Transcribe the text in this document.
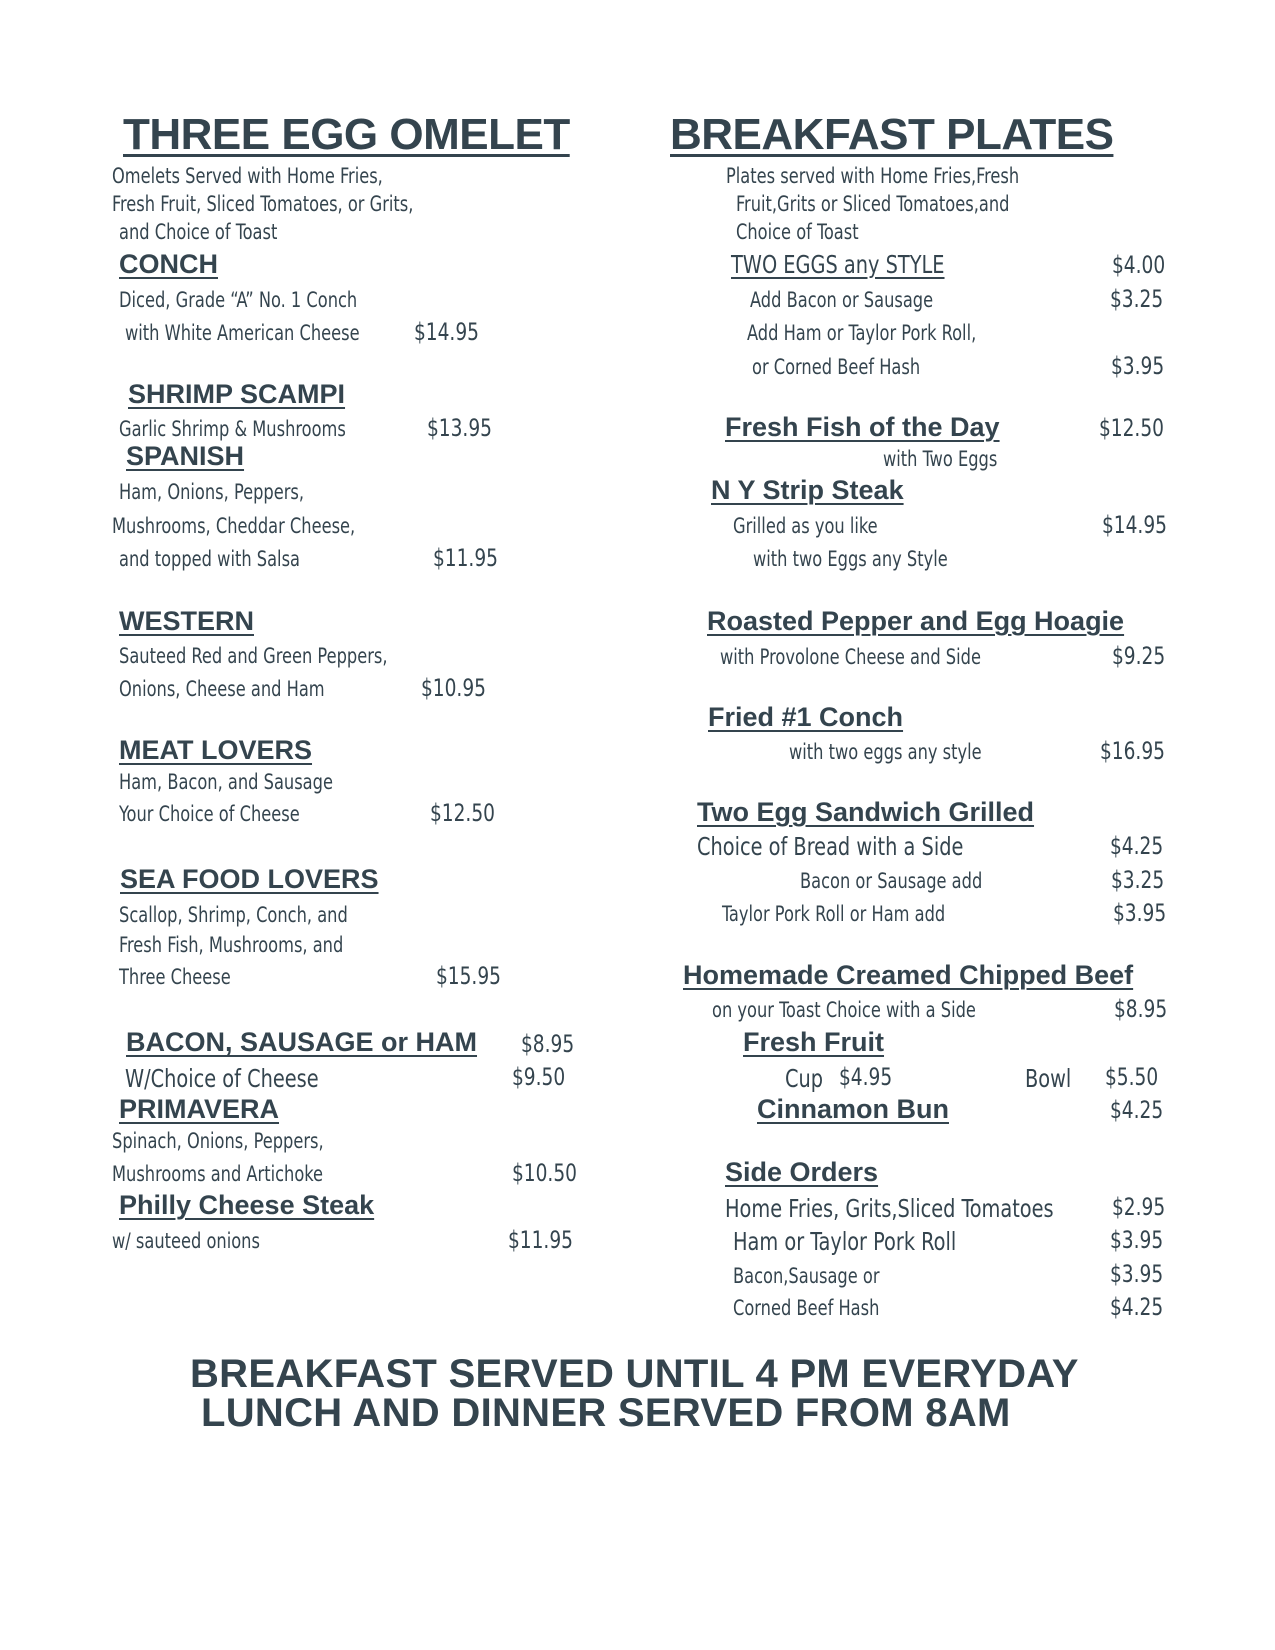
THREE EGG OMELET
Omelets Served with Home Fries,
Fresh Fruit, Sliced Tomatoes, or Grits,
and Choice of Toast
CONCH
Diced, Grade “A” No. 1 Conch
with White American Cheese $14.95
SHRIMP SCAMPI
Garlic Shrimp & Mushrooms	$13.95
SPANISH
Ham, Onions, Peppers,
Mushrooms, Cheddar Cheese,
and topped with Salsa	$11.95
WESTERN
Sauteed Red and Green Peppers,
Onions, Cheese and Ham	$10.95
MEAT LOVERS
Ham, Bacon, and Sausage
Your Choice of Cheese	$12.50
SEA FOOD LOVERS
Scallop, Shrimp, Conch, and
Fresh Fish, Mushrooms, and
Three Cheese	$15.95
BACON, SAUSAGE or HAM $8.95
W/Choice of Cheese	$9.50
PRIMAVERA
Spinach, Onions, Peppers,
Mushrooms and Artichoke	$10.50
Philly Cheese Steak
w/ sauteed onions	$11.95
BREAKFAST PLATES
Plates served with Home Fries,Fresh
Fruit,Grits or Sliced Tomatoes,and
Choice of Toast
TWO EGGS any STYLE	$4.00
Add Bacon or Sausage	$3.25
Add Ham or Taylor Pork Roll,
or Corned Beef Hash	$3.95
Fresh Fish of the Day	$12.50
with Two Eggs
N Y Strip Steak
Grilled as you like	$14.95
with two Eggs any Style
Roasted Pepper and Egg Hoagie
with Provolone Cheese and Side	$9.25
Fried #1 Conch
with two eggs any style	$16.95
Two Egg Sandwich Grilled
Choice of Bread with a Side	$4.25
Bacon or Sausage add	$3.25
Taylor Pork Roll or Ham add	$3.95
Homemade Creamed Chipped Beef
on your Toast Choice with a Side	$8.95
Fresh Fruit
Cup $4.95	Bowl $5.50
Cinnamon Bun	$4.25
Side Orders
Home Fries, Grits,Sliced Tomatoes $2.95
Ham or Taylor Pork Roll	$3.95
Bacon,Sausage or	$3.95
Corned Beef Hash	$4.25
BREAKFAST SERVED UNTIL 4 PM EVERYDAY
LUNCH AND DINNER SERVED FROM 8AM
